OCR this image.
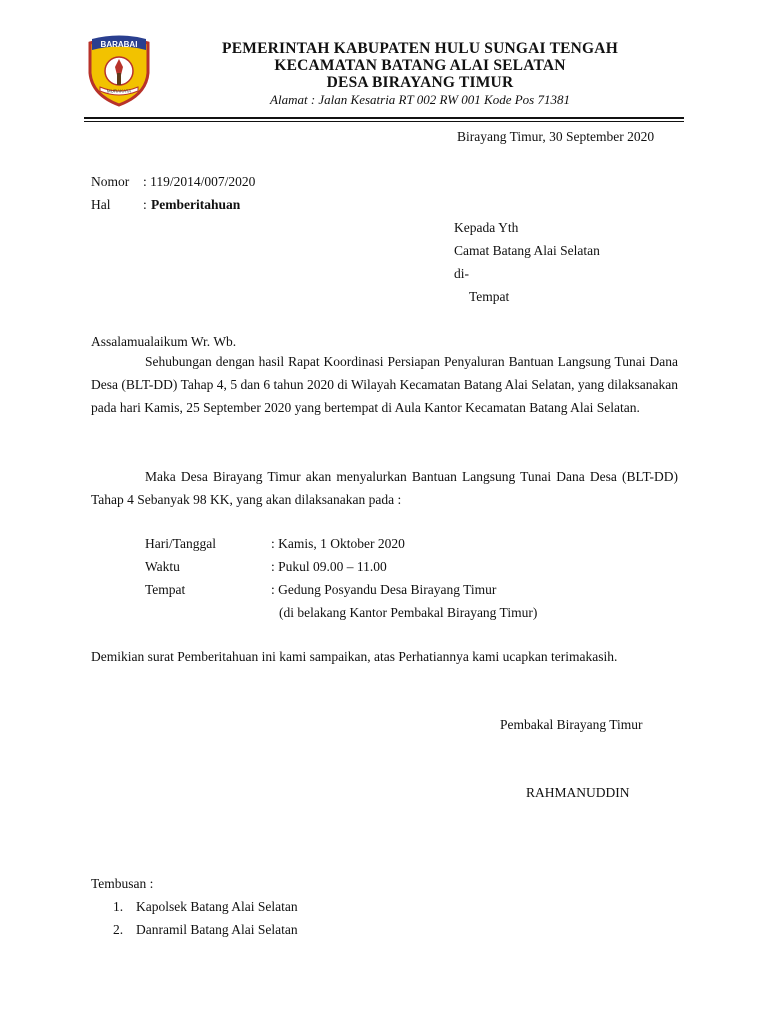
BARABAI
MURAKATA
PEMERINTAH KABUPATEN HULU SUNGAI TENGAH
KECAMATAN BATANG ALAI SELATAN
DESA BIRAYANG TIMUR
Alamat : Jalan Kesatria RT 002 RW 001 Kode Pos 71381
Birayang Timur, 30 September 2020
Nomor : 119/2014/007/2020
Hal : Pemberitahuan
Kepada Yth
Camat Batang Alai Selatan
di-
Tempat
Assalamualaikum Wr. Wb.
Sehubungan dengan hasil Rapat Koordinasi Persiapan Penyaluran Bantuan Langsung Tunai Dana Desa (BLT-DD) Tahap 4, 5 dan 6 tahun 2020 di Wilayah Kecamatan Batang Alai Selatan, yang dilaksanakan pada hari Kamis, 25 September 2020 yang bertempat di Aula Kantor Kecamatan Batang Alai Selatan.
Maka Desa Birayang Timur akan menyalurkan Bantuan Langsung Tunai Dana Desa (BLT-DD) Tahap 4 Sebanyak 98 KK, yang akan dilaksanakan pada :
Hari/Tanggal	: Kamis, 1 Oktober 2020
Waktu	: Pukul 09.00 – 11.00
Tempat	: Gedung Posyandu Desa Birayang Timur
(di belakang Kantor Pembakal Birayang Timur)
Demikian surat Pemberitahuan ini kami sampaikan, atas Perhatiannya kami ucapkan terimakasih.
Pembakal Birayang Timur
RAHMANUDDIN
Tembusan :
1. Kapolsek Batang Alai Selatan
2. Danramil Batang Alai Selatan
